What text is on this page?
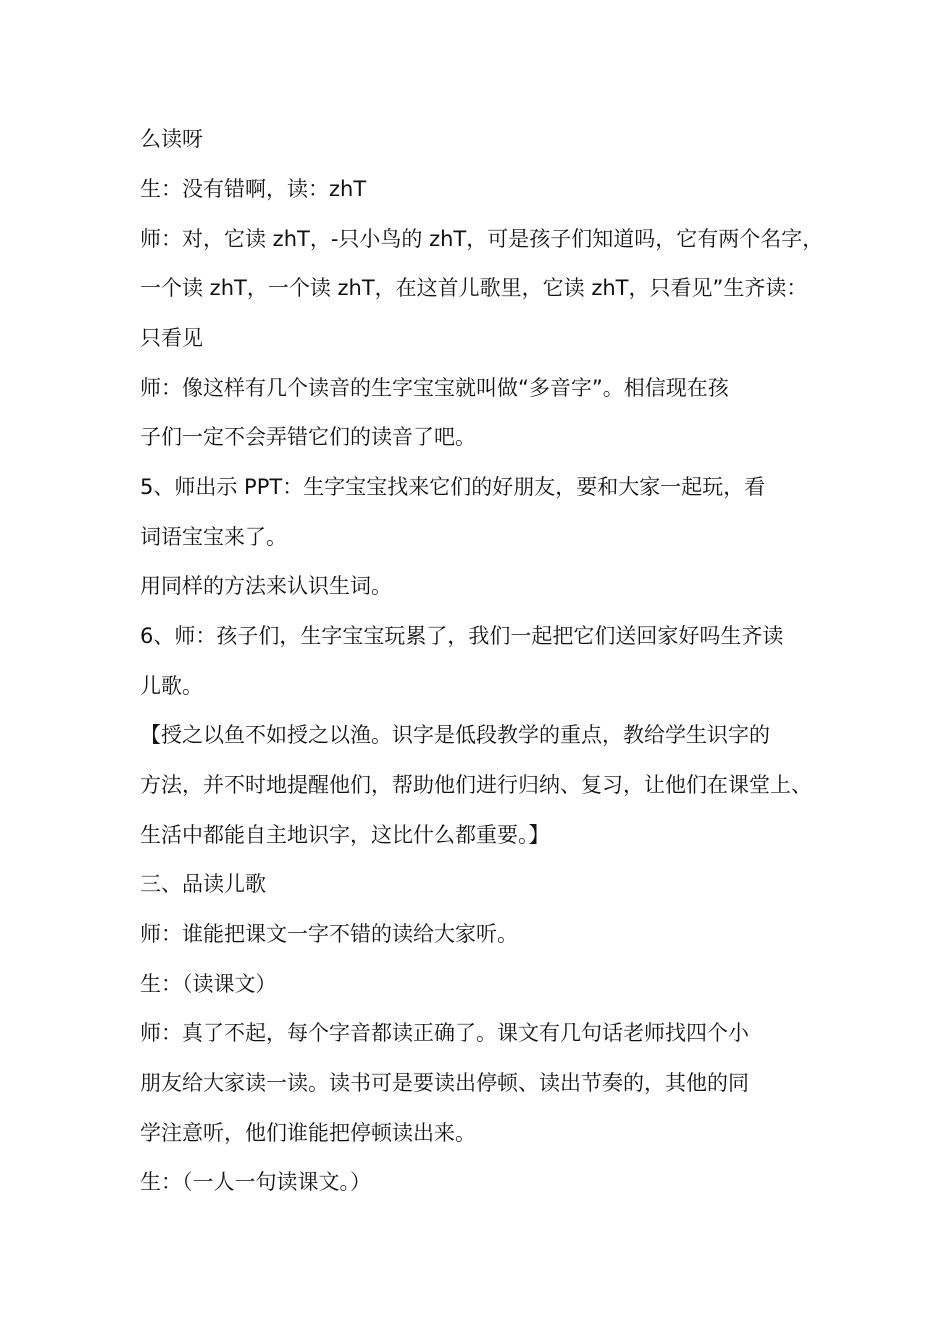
么读呀
生：没有错啊，读：zhT
师：对，它读 zhT，-只小鸟的 zhT，可是孩子们知道吗，它有两个名字，
一个读 zhT，一个读 zhT，在这首儿歌里，它读 zhT，只看见”生齐读：
只看见
师：像这样有几个读音的生字宝宝就叫做“多音字”。相信现在孩
子们一定不会弄错它们的读音了吧。
5、师出示 PPT：生字宝宝找来它们的好朋友，要和大家一起玩，看
词语宝宝来了。
用同样的方法来认识生词。
6、师：孩子们，生字宝宝玩累了，我们一起把它们送回家好吗生齐读
儿歌。
【授之以鱼不如授之以渔。识字是低段教学的重点，教给学生识字的
方法，并不时地提醒他们，帮助他们进行归纳、复习，让他们在课堂上、
生活中都能自主地识字，这比什么都重要。】
三、品读儿歌
师：谁能把课文一字不错的读给大家听。
生：（读课文）
师：真了不起，每个字音都读正确了。课文有几句话老师找四个小
朋友给大家读一读。读书可是要读出停顿、读出节奏的，其他的同
学注意听，他们谁能把停顿读出来。
生：（一人一句读课文。）
